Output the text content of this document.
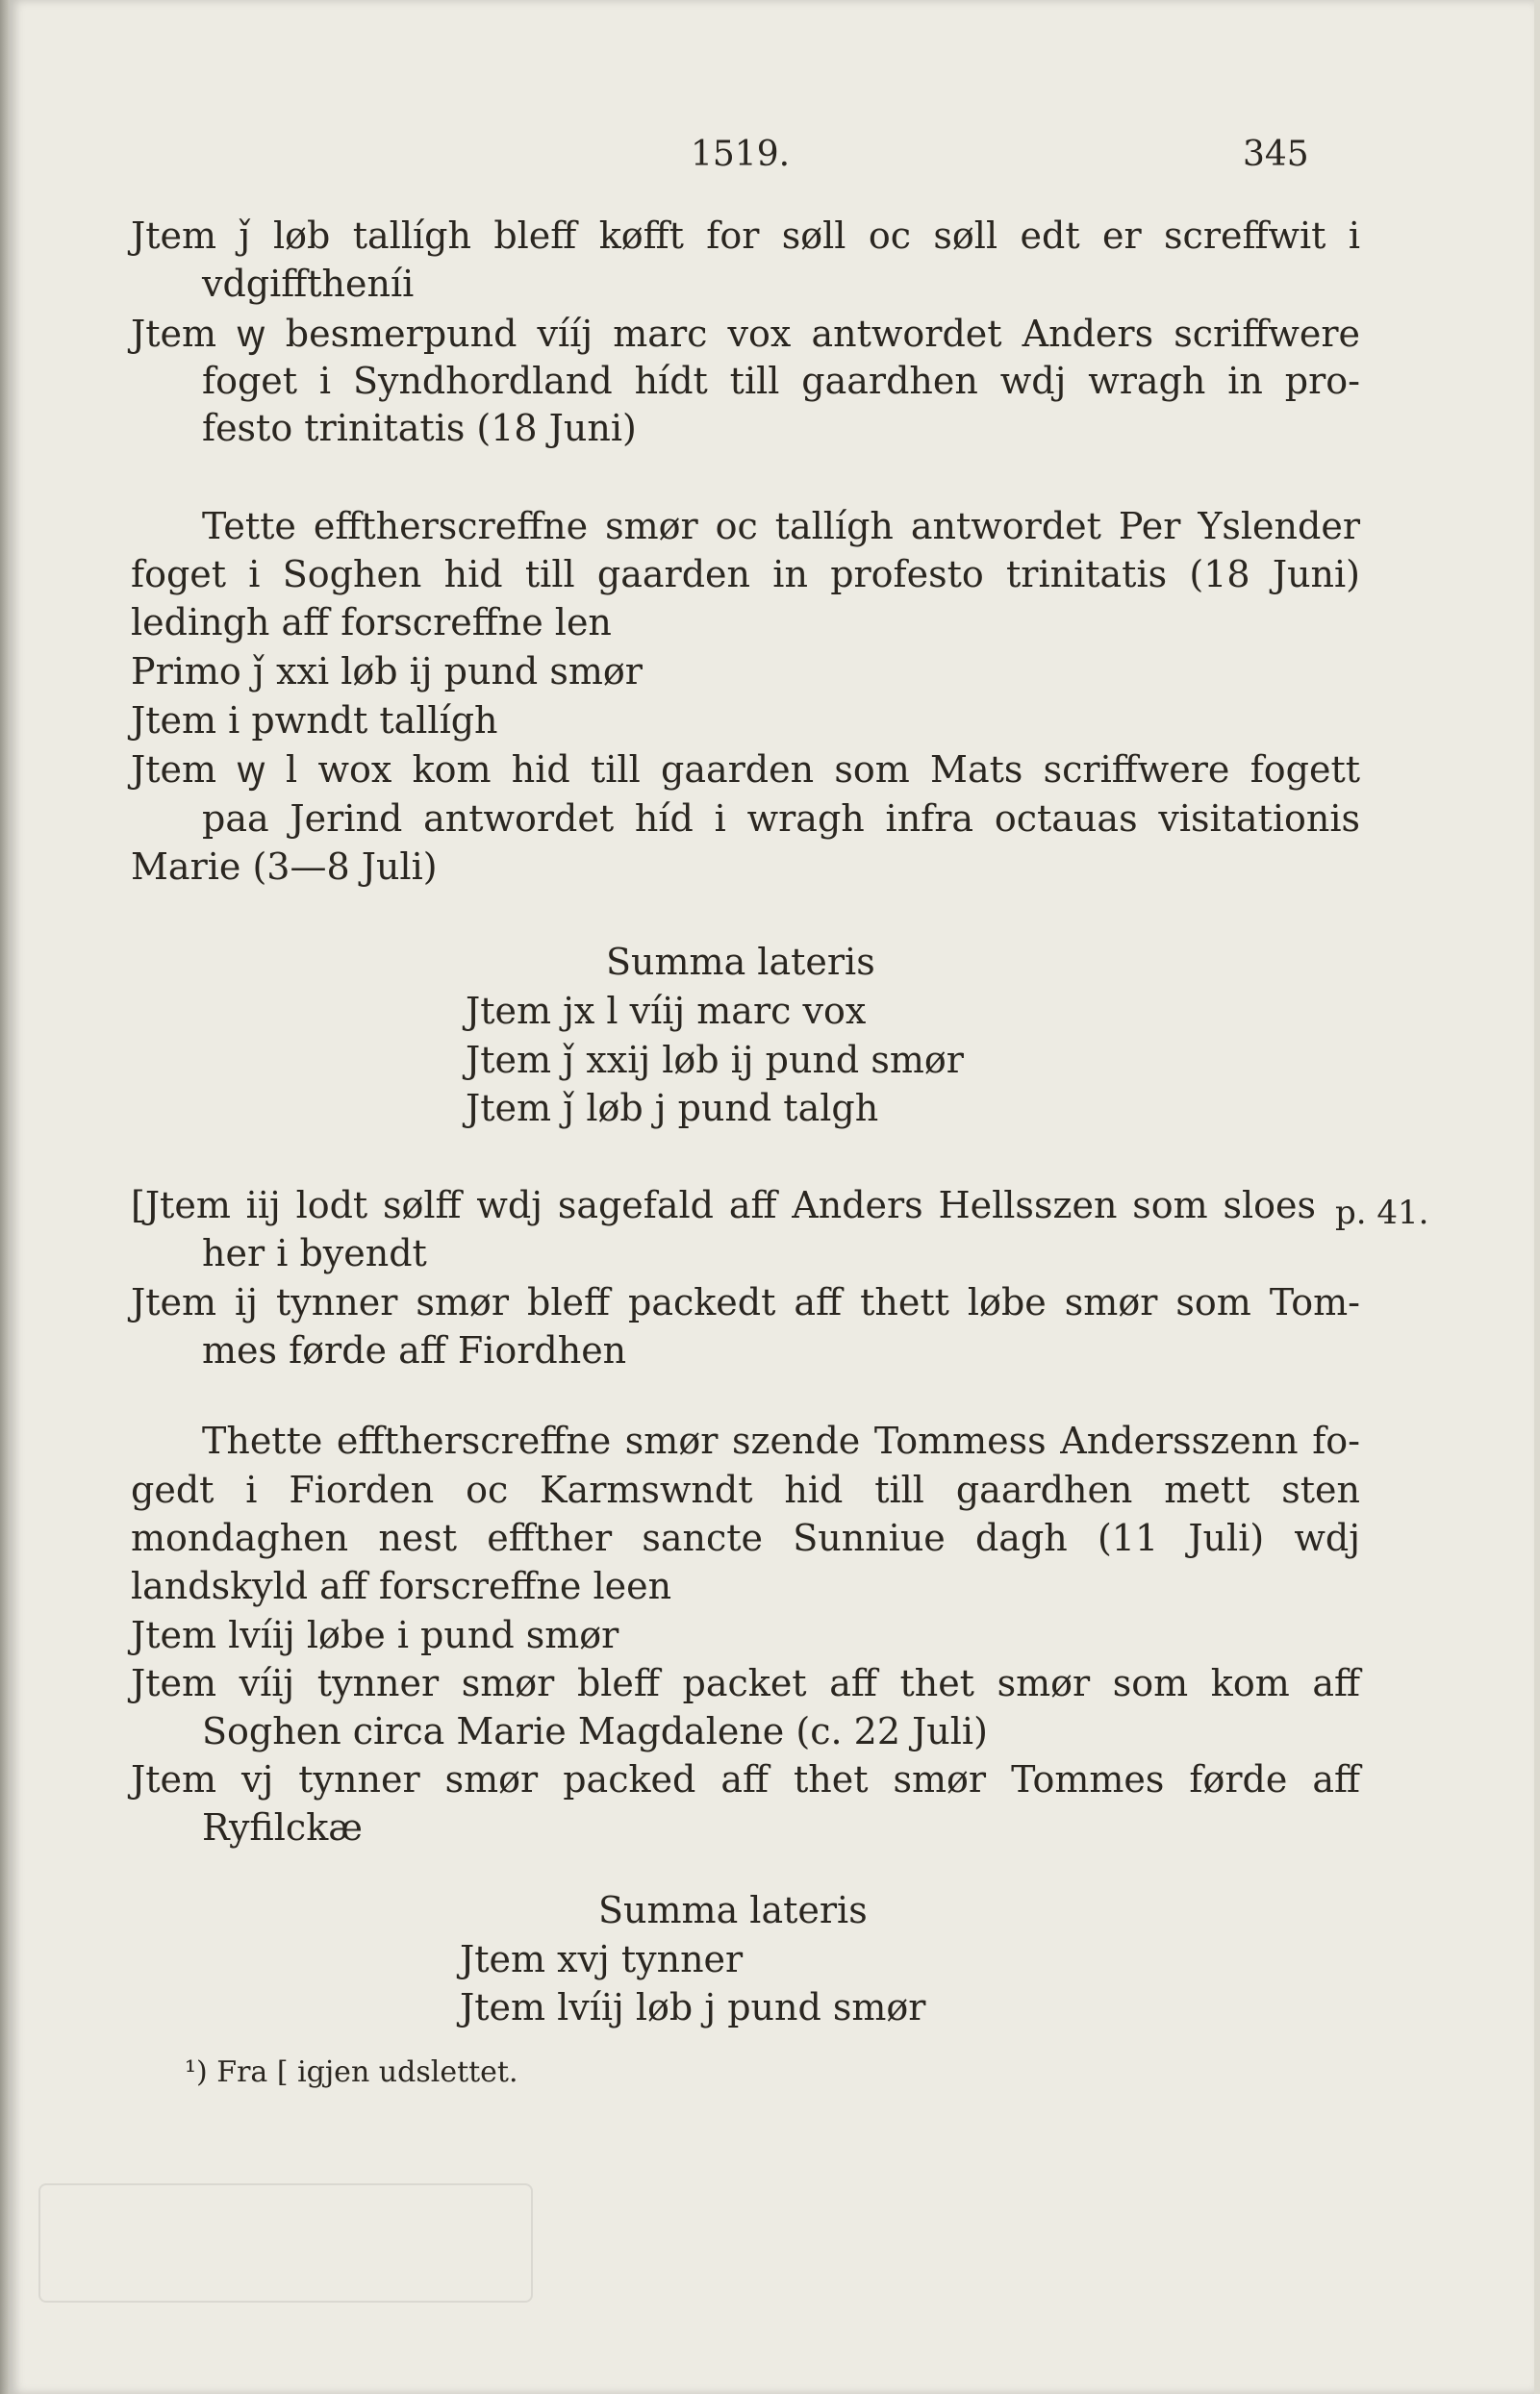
1519.	345
Jtem ǰ løb tallígh bleff køfft for søll oc søll edt er screffwit i
vdgifftheníi
Jtem ꝡ besmerpund vííj marc vox antwordet Anders scriffwere
foget i Syndhordland hídt till gaardhen wdj wragh in pro-
festo trinitatis (18 Juni)
Tette effthеrscreffne smør oc tallígh antwordet Per Yslender
foget i Soghen hid till gaarden in profesto trinitatis (18 Juni)
ledingh aff forscreffne len
Primo ǰ xxi løb ij pund smør
Jtem i pwndt tallígh
Jtem ꝡ l wox kom hid till gaarden som Mats scriffwere fogett
paa Jerind antwordet híd i wragh infra octauas visitationis
Marie (3—8 Juli)
Summa lateris
Jtem jx l víij marc vox
Jtem ǰ xxij løb ij pund smør
Jtem ǰ løb j pund talgh
[Jtem iij lodt sølff wdj sagefald aff Anders Hellsszen som sloes p. 41.
her i byendt
Jtem ij tynner smør bleff packedt aff thett løbe smør som Tom-
mes førde aff Fiordhen
Thette effthеrscreffne smør szende Tommess Andersszenn fo-
gedt i Fiorden oc Karmswndt hid till gaardhen mett sten
mondaghen nest effther sancte Sunniue dagh (11 Juli) wdj
landskyld aff forscreffne leen
Jtem lvíij løbe i pund smør
Jtem víij tynner smør bleff packet aff thet smør som kom aff
Soghen circa Marie Magdalene (c. 22 Juli)
Jtem vj tynner smør packed aff thet smør Tommes førde aff
Ryfilckæ
Summa lateris
Jtem xvj tynner
Jtem lvíij løb j pund smør
¹) Fra [ igjen udslettet.
